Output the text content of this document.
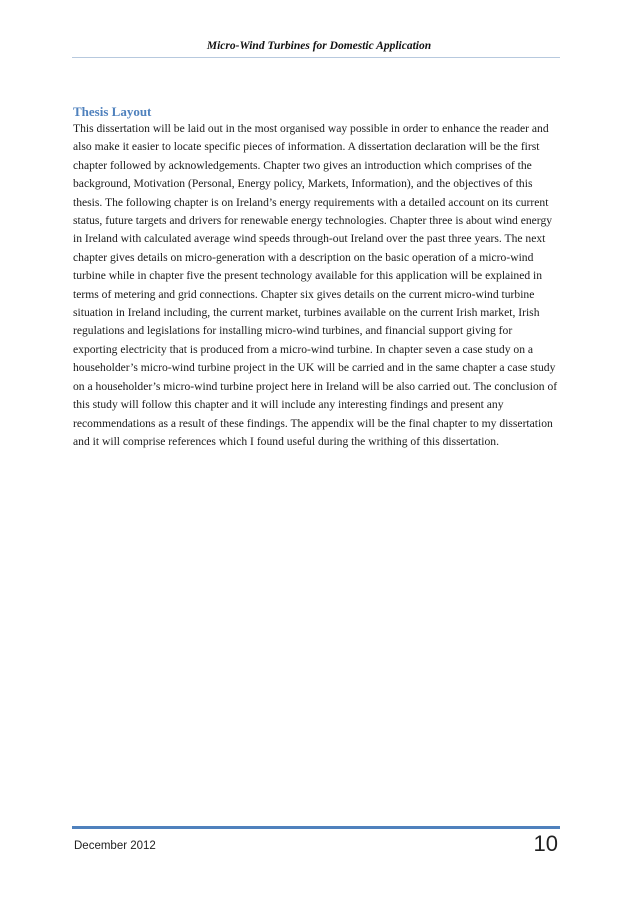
Micro-Wind Turbines for Domestic Application
Thesis Layout

This dissertation will be laid out in the most organised way possible in order to enhance the reader and also make it easier to locate specific pieces of information. A dissertation declaration will be the first chapter followed by acknowledgements. Chapter two gives an introduction which comprises of the background, Motivation (Personal, Energy policy, Markets, Information), and the objectives of this thesis. The following chapter is on Ireland’s energy requirements with a detailed account on its current status, future targets and drivers for renewable energy technologies. Chapter three is about wind energy in Ireland with calculated average wind speeds through-out Ireland over the past three years. The next chapter gives details on micro-generation with a description on the basic operation of a micro-wind turbine while in chapter five the present technology available for this application will be explained in terms of metering and grid connections. Chapter six gives details on the current micro-wind turbine situation in Ireland including, the current market, turbines available on the current Irish market, Irish regulations and legislations for installing micro-wind turbines, and financial support giving for exporting electricity that is produced from a micro-wind turbine. In chapter seven a case study on a householder’s micro-wind turbine project in the UK will be carried and in the same chapter a case study on a householder’s micro-wind turbine project here in Ireland will be also carried out. The conclusion of this study will follow this chapter and it will include any interesting findings and present any recommendations as a result of these findings. The appendix will be the final chapter to my dissertation and it will comprise references which I found useful during the writhing of this dissertation.

December 2012	10
